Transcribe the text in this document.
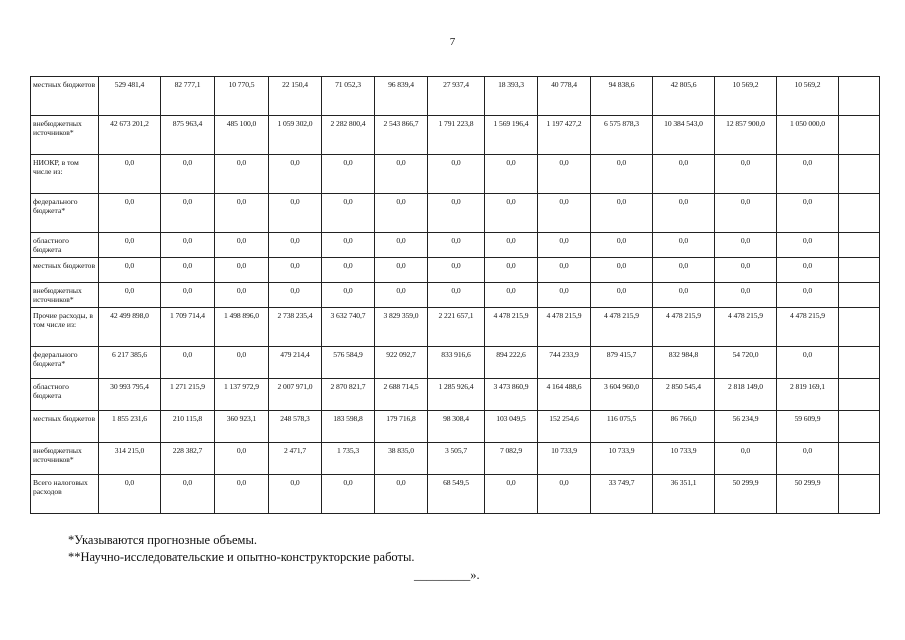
7
местных бюджетов	529 481,4	82 777,1	10 770,5	22 150,4	71 052,3	96 839,4	27 937,4	18 393,3	40 778,4	94 838,6	42 805,6	10 569,2	10 569,2	
внебюджетных источников*	42 673 201,2	875 963,4	485 100,0	1 059 302,0	2 282 800,4	2 543 866,7	1 791 223,8	1 569 196,4	1 197 427,2	6 575 878,3	10 384 543,0	12 857 900,0	1 050 000,0	
НИОКР, в том числе из:	0,0	0,0	0,0	0,0	0,0	0,0	0,0	0,0	0,0	0,0	0,0	0,0	0,0	
федерального бюджета*	0,0	0,0	0,0	0,0	0,0	0,0	0,0	0,0	0,0	0,0	0,0	0,0	0,0	
областного бюджета	0,0	0,0	0,0	0,0	0,0	0,0	0,0	0,0	0,0	0,0	0,0	0,0	0,0	
местных бюджетов	0,0	0,0	0,0	0,0	0,0	0,0	0,0	0,0	0,0	0,0	0,0	0,0	0,0	
внебюджетных источников*	0,0	0,0	0,0	0,0	0,0	0,0	0,0	0,0	0,0	0,0	0,0	0,0	0,0	
Прочие расходы, в том числе из:	42 499 898,0	1 709 714,4	1 498 896,0	2 738 235,4	3 632 740,7	3 829 359,0	2 221 657,1	4 478 215,9	4 478 215,9	4 478 215,9	4 478 215,9	4 478 215,9	4 478 215,9	
федерального бюджета*	6 217 385,6	0,0	0,0	479 214,4	576 584,9	922 092,7	833 916,6	894 222,6	744 233,9	879 415,7	832 984,8	54 720,0	0,0	
областного бюджета	30 993 795,4	1 271 215,9	1 137 972,9	2 007 971,0	2 870 821,7	2 688 714,5	1 285 926,4	3 473 860,9	4 164 488,6	3 604 960,0	2 850 545,4	2 818 149,0	2 819 169,1	
местных бюджетов	1 855 231,6	210 115,8	360 923,1	248 578,3	183 598,8	179 716,8	98 308,4	103 049,5	152 254,6	116 075,5	86 766,0	56 234,9	59 609,9	
внебюджетных источников*	314 215,0	228 382,7	0,0	2 471,7	1 735,3	38 835,0	3 505,7	7 082,9	10 733,9	10 733,9	10 733,9	0,0	0,0	
Всего налоговых расходов	0,0	0,0	0,0	0,0	0,0	0,0	68 549,5	0,0	0,0	33 749,7	36 351,1	50 299,9	50 299,9	
*Указываются прогнозные объемы.
**Научно-исследовательские и опытно-конструкторские работы.
_________».
